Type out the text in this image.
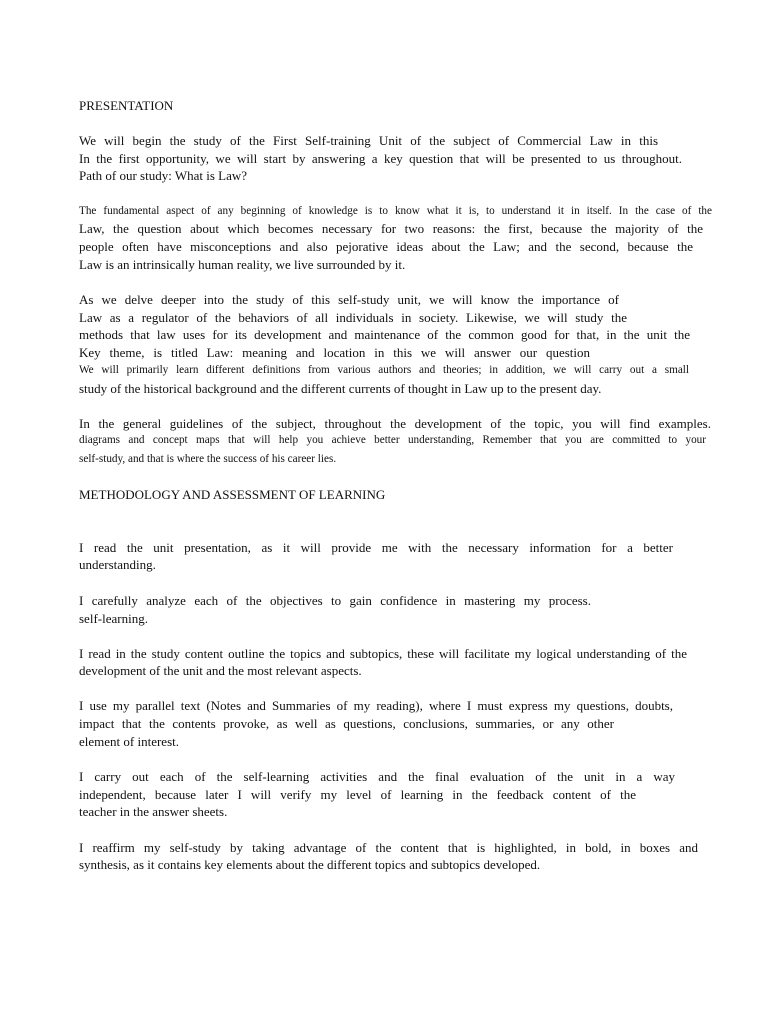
PRESENTATION
We will begin the study of the First Self-training Unit of the subject of Commercial Law in this
In the first opportunity, we will start by answering a key question that will be presented to us throughout.
Path of our study: What is Law?
The fundamental aspect of any beginning of knowledge is to know what it is, to understand it in itself. In the case of the
Law, the question about which becomes necessary for two reasons: the first, because the majority of the
people often have misconceptions and also pejorative ideas about the Law; and the second, because the
Law is an intrinsically human reality, we live surrounded by it.
As we delve deeper into the study of this self-study unit, we will know the importance of
Law as a regulator of the behaviors of all individuals in society. Likewise, we will study the
methods that law uses for its development and maintenance of the common good for that, in the unit the
Key theme, is titled Law: meaning and location in this we will answer our question
We will primarily learn different definitions from various authors and theories; in addition, we will carry out a small
study of the historical background and the different currents of thought in Law up to the present day.
In the general guidelines of the subject, throughout the development of the topic, you will find examples.
diagrams and concept maps that will help you achieve better understanding, Remember that you are committed to your
self-study, and that is where the success of his career lies.
METHODOLOGY AND ASSESSMENT OF LEARNING
I read the unit presentation, as it will provide me with the necessary information for a better
understanding.
I carefully analyze each of the objectives to gain confidence in mastering my process.
self-learning.
I read in the study content outline the topics and subtopics, these will facilitate my logical understanding of the
development of the unit and the most relevant aspects.
I use my parallel text (Notes and Summaries of my reading), where I must express my questions, doubts,
impact that the contents provoke, as well as questions, conclusions, summaries, or any other
element of interest.
I carry out each of the self-learning activities and the final evaluation of the unit in a way
independent, because later I will verify my level of learning in the feedback content of the
teacher in the answer sheets.
I reaffirm my self-study by taking advantage of the content that is highlighted, in bold, in boxes and
synthesis, as it contains key elements about the different topics and subtopics developed.
